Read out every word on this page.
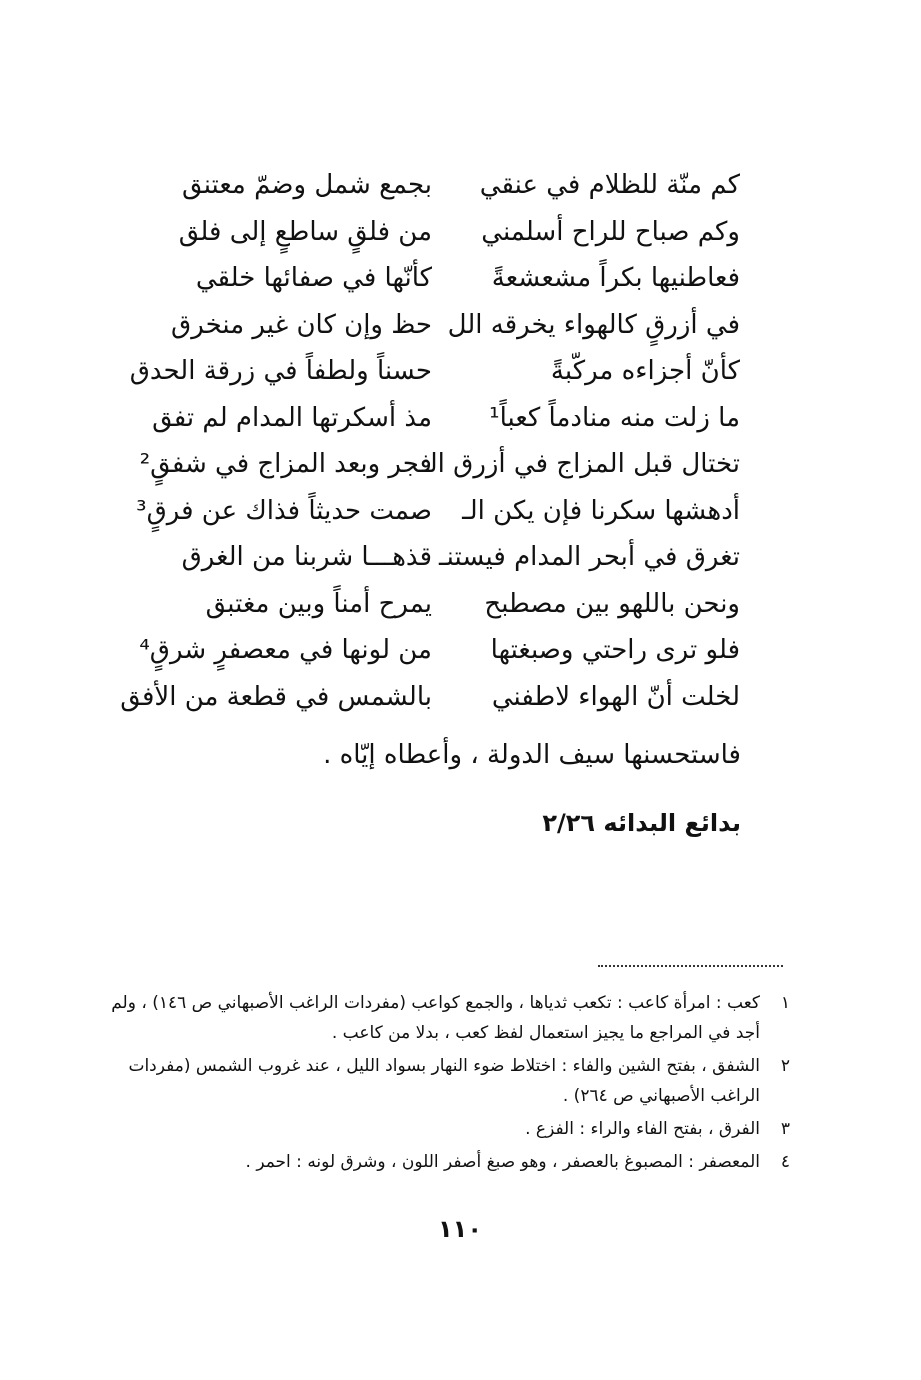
كم منّة للظلام في عنقي
بجمع شمل وضمّ معتنق
وكم صباح للراح أسلمني
من فلقٍ ساطعٍ إلى فلق
فعاطنيها بكراً مشعشعةً
كأنّها في صفائها خلقي
في أزرقٍ كالهواء يخرقه الل
حظ وإن كان غير منخرق
كأنّ أجزاءه مركّبةً
حسناً ولطفاً في زرقة الحدق
ما زلت منه منادماً كعباً¹
مذ أسكرتها المدام لم تفق
تختال قبل المزاج في أزرق الـ
فجر وبعد المزاج في شفقٍ²
أدهشها سكرنا فإن يكن الـ
صمت حديثاً فذاك عن فرقٍ³
تغرق في أبحر المدام فيستنـ
قذهـــا شربنا من الغرق
ونحن باللهو بين مصطبح
يمرح أمناً وبين مغتبق
فلو ترى راحتي وصبغتها
من لونها في معصفرٍ شرقٍ⁴
لخلت أنّ الهواء لاطفني
بالشمس في قطعة من الأفق
فاستحسنها سيف الدولة ، وأعطاه إيّاه .
بدائع البدائه ٢/٢٦
١
كعب : امرأة كاعب : تكعب ثدياها ، والجمع كواعب (مفردات الراغب الأصبهاني ص ١٤٦) ، ولم أجد في المراجع ما يجيز استعمال لفظ كعب ، بدلا من كاعب .
٢
الشفق ، بفتح الشين والفاء : اختلاط ضوء النهار بسواد الليل ، عند غروب الشمس (مفردات الراغب الأصبهاني ص ٢٦٤) .
٣
الفرق ، بفتح الفاء والراء : الفزع .
٤
المعصفر : المصبوغ بالعصفر ، وهو صبغ أصفر اللون ، وشرق لونه : احمر .
١١٠
